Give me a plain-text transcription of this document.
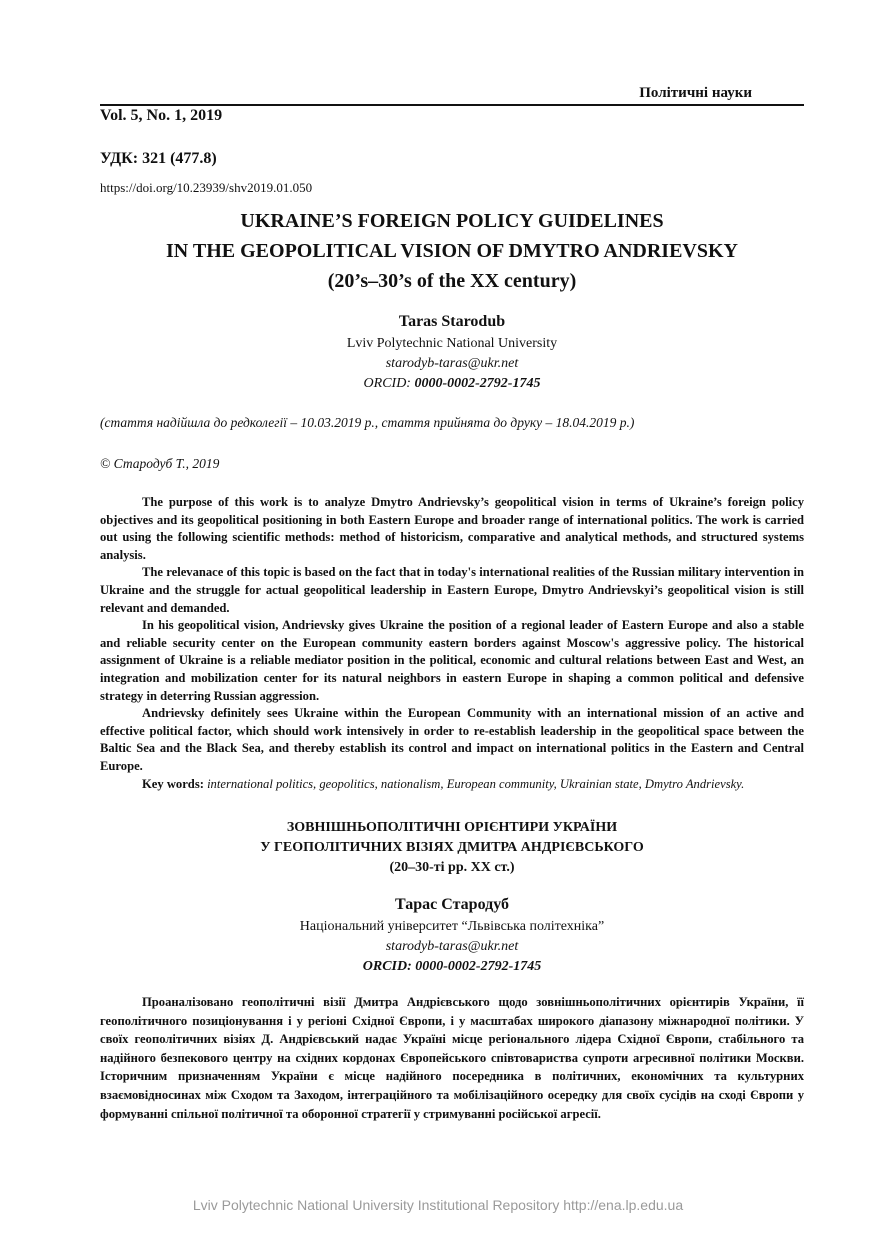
Політичні науки
Vol. 5, No. 1, 2019
УДК: 321 (477.8)
https://doi.org/10.23939/shv2019.01.050
UKRAINE’S FOREIGN POLICY GUIDELINES
IN THE GEOPOLITICAL VISION OF DMYTRO ANDRIEVSKY
(20’s–30’s of the XX century)
Taras Starodub
Lviv Polytechnic National University
starodyb-taras@ukr.net
ORCID: 0000-0002-2792-1745
(стаття надійшла до редколегії – 10.03.2019 р., стаття прийнята до друку – 18.04.2019 р.)
© Стародуб Т., 2019

The purpose of this work is to analyze Dmytro Andrievsky’s geopolitical vision in terms of Ukraine’s foreign policy objectives and its geopolitical positioning in both Eastern Europe and broader range of international politics. The work is carried out using the following scientific methods: method of historicism, comparative and analytical methods, and structured systems analysis.

The relevanace of this topic is based on the fact that in today's international realities of the Russian military intervention in Ukraine and the struggle for actual geopolitical leadership in Eastern Europe, Dmytro Andrievskyi’s geopolitical vision is still relevant and demanded.

In his geopolitical vision, Andrievsky gives Ukraine the position of a regional leader of Eastern Europe and also a stable and reliable security center on the European community eastern borders against Moscow's aggressive policy. The historical assignment of Ukraine is a reliable mediator position in the political, economic and cultural relations between East and West, an integration and mobilization center for its natural neighbors in eastern Europe in shaping a common political and defensive strategy in deterring Russian aggression.

Andrievsky definitely sees Ukraine within the European Community with an international mission of an active and effective political factor, which should work intensively in order to re-establish leadership in the geopolitical space between the Baltic Sea and the Black Sea, and thereby establish its control and impact on international politics in the Eastern and Central Europe.

Key words: international politics, geopolitics, nationalism, European community, Ukrainian state, Dmytro Andrievsky.

ЗОВНІШНЬОПОЛІТИЧНІ ОРІЄНТИРИ УКРАЇНИ
У ГЕОПОЛІТИЧНИХ ВІЗІЯХ ДМИТРА АНДРІЄВСЬКОГО
(20–30-ті рр. ХХ ст.)
Тарас Стародуб
Національний університет “Львівська політехніка”
starodyb-taras@ukr.net
ORCID: 0000-0002-2792-1745

Проаналізовано геополітичні візії Дмитра Андрієвського щодо зовнішньополітичних орієнтирів України, її геополітичного позиціонування і у регіоні Східної Європи, і у масштабах широкого діапазону міжнародної політики. У своїх геополітичних візіях Д. Андрієвський надає Україні місце регіонального лідера Східної Європи, стабільного та надійного безпекового центру на східних кордонах Європейського співтовариства супроти агресивної політики Москви. Історичним призначенням України є місце надійного посередника в політичних, економічних та культурних взаємовідносинах між Сходом та Заходом, інтеграційного та мобілізаційного осередку для своїх сусідів на сході Європи у формуванні спільної політичної та оборонної стратегії у стримуванні російської агресії.

Lviv Polytechnic National University Institutional Repository http://ena.lp.edu.ua
